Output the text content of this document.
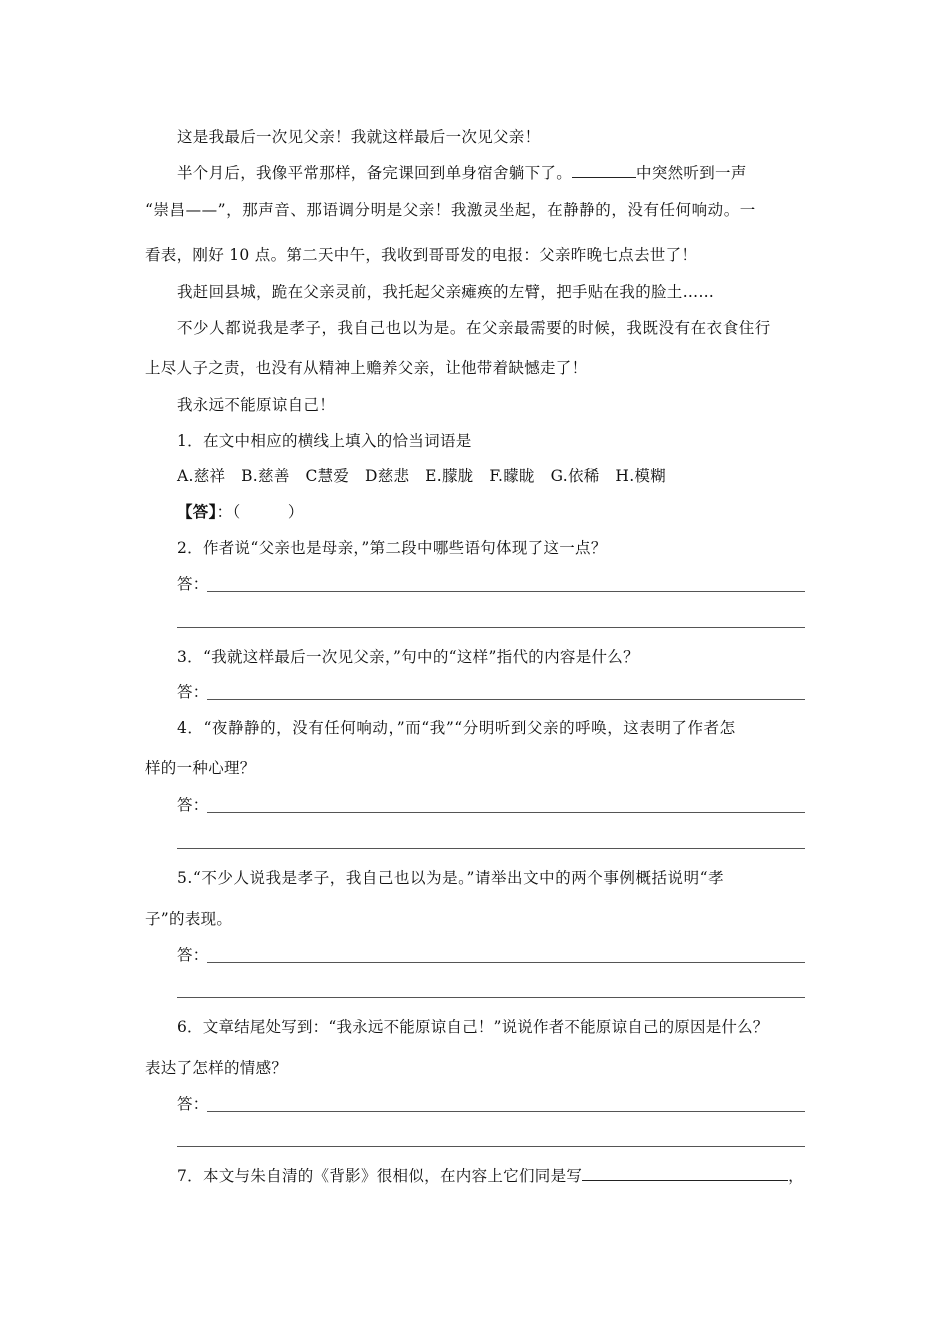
这是我最后一次见父亲！我就这样最后一次见父亲！
半个月后，我像平常那样，备完课回到单身宿舍躺下了。	中突然听到一声
“崇昌——”，那声音、那语调分明是父亲！我激灵坐起，在静静的，没有任何响动。一
看表，刚好 10 点。第二天中午，我收到哥哥发的电报：父亲昨晚七点去世了！
我赶回县城，跪在父亲灵前，我托起父亲瘫痪的左臂，把手贴在我的脸土……
不少人都说我是孝子，我自己也以为是。在父亲最需要的时候，我既没有在衣食住行
上尽人子之责，也没有从精神上赡养父亲，让他带着缺憾走了！
我永远不能原谅自己！
1．在文中相应的横线上填入的恰当词语是
A.慈祥　B.慈善　C慧爱　D慈悲　E.朦胧　F.矇眬　G.依稀　H.模糊
【答】：（　　　）
2．作者说“父亲也是母亲，”第二段中哪些语句体现了这一点？
答：
3．“我就这样最后一次见父亲，”句中的“这样”指代的内容是什么？
答：
4．“夜静静的，没有任何响动，”而“我”“分明听到父亲的呼唤，这表明了作者怎
样的一种心理？
答：
5.“不少人说我是孝子，我自己也以为是。”请举出文中的两个事例概括说明“孝
子”的表现。
答：
6．文章结尾处写到：“我永远不能原谅自己！”说说作者不能原谅自己的原因是什么？
表达了怎样的情感？
答：
7．本文与朱自清的《背影》很相似，在内容上它们同是写	，
